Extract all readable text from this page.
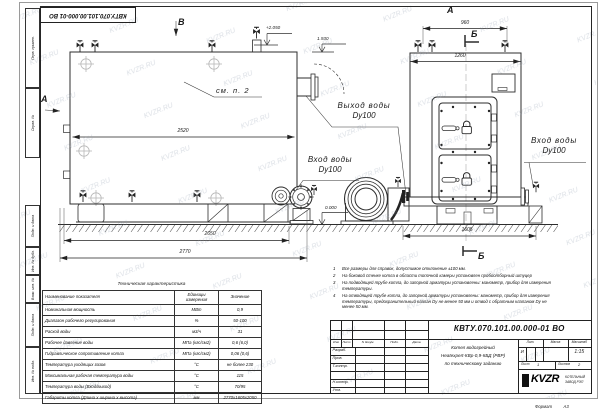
Перв. примен.
Справ. №
Подп. и дата
Инв. № дубл.
Взам. инв. №
Подп. и дата
Инв. № подл.
КВТУ.070.101.00.000-01 ВО
В
А
А
Б
Б
см. п. 2
+2.050
1.930
0.000
Выход воды
Dy100
Вход воды
Dy100
Вход воды
Dy100
2520
2650
2770
960
1260
1605
Техническая характеристика
Наименование показателя	Единицы измерения	Значение
Номинальная мощность	МВт	0,9
Диапазон рабочего регулирования	%	50-100
Расход воды	м3/ч	31
Рабочее давление воды	МПа (кгс/см2)	0,6 (6,0)
Гидравлическое сопротивление котла	МПа (кгс/см2)	0,06 (0,6)
Температура уходящих газов	°С	не более 230
Максимальная рабочая температура воды	°С	115
Температура воды (Вход/выход)	°С	70/95
Габариты котла (Длина х ширина х высота)	мм	2770х1605х2050
1	Все размеры для справок, допустимое отклонение ±100 мм.
2	На боковой стенке котла в области топочной камеры установлен пробоотборный штуцер
3	На подводящей трубе котла, до запорной арматуры установлены: манометр, прибор для измерения температуры.
4	На отводящей трубе котла, до запорной арматуры установлены: манометр, прибор для измерения температуры, предохранительный клапан Dу не менее 50 мм и отвод с обратным клапаном Dу не менее 50 мм.
Изм	Лист	N докум.	Подп.	Дата
Разраб.
Пров.
Т.контр.
Н.контр.
Утв.
КВТУ.070.101.00.000-01 ВО
Котел водогрейный
Heatexpert-КВр-0,9-КБД (РВР)
по техническому заданию
Лит.	Масса	Масштаб
И	1:15
Лист 1	Листов 2
KVZR КОТЕЛЬНЫЙ
ЗАВОД РЭП
Формат	А3
